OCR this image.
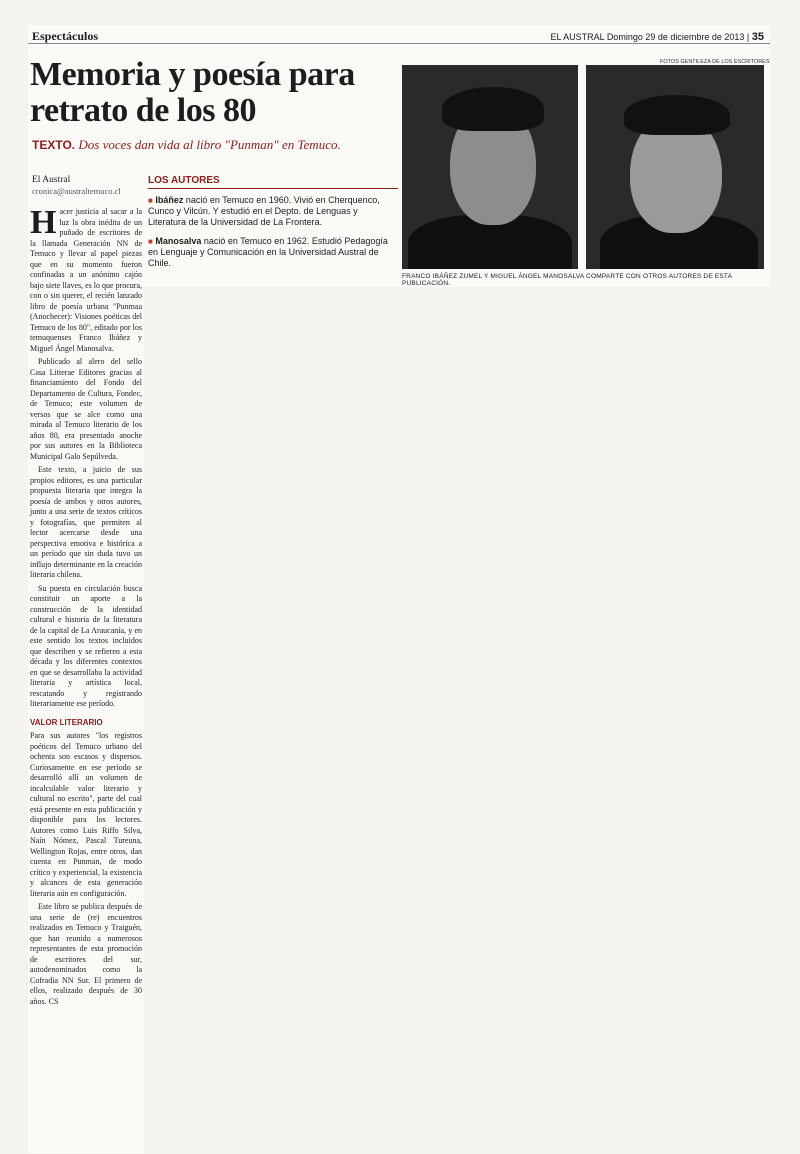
Espectáculos	EL AUSTRAL Domingo 29 de diciembre de 2013 | 35
Memoria y poesía para retrato de los 80
TEXTO. Dos voces dan vida al libro "Punman" en Temuco.
El Austral
cronica@australtemuco.cl
LOS AUTORES

■ Ibáñez nació en Temuco en 1960. Vivió en Cherquenco, Cunco y Vilcún. Y estudió en el Depto. de Lenguas y Literatura de la Universidad de La Frontera.

■ Manosalva nació en Temuco en 1962. Estudió Pedagogía en Lenguaje y Comunicación en la Universidad Austral de Chile.

FOTOS GENTILEZA DE LOS ESCRITORES
FRANCO IBÁÑEZ ZUMEL Y MIGUEL ÁNGEL MANOSALVA COMPARTE CON OTROS AUTORES DE ESTA PUBLICACIÓN.

Hacer justicia al sacar a la luz la obra inédita de un puñado de escritores de la llamada Generación NN de Temuco y llevar al papel piezas que en su momento fueron confinadas a un anónimo cajón bajo siete llaves, es lo que procura, con o sin querer, el recién lanzado libro de poesía urbana "Punmaa (Anochecer): Visiones poéticas del Temuco de los 80", editado por los temuquenses Franco Ibáñez y Miguel Ángel Manosalva.

Publicado al alero del sello Casa Litterae Editores gracias al financiamiento del Fondo del Departamento de Cultura, Fondec, de Temuco; este volumen de versos que se alce como una mirada al Temuco literario de los años 80, era presentado anoche por sus autores en la Biblioteca Municipal Galo Sepúlveda.

Este texto, a juicio de sus propios editores, es una particular propuesta literaria que integra la poesía de ambos y otros autores, junto a una serie de textos críticos y fotografías, que permiten al lector acercarse desde una perspectiva emotiva e histórica a un período que sin duda tuvo un influjo determinante en la creación literaria chilena.

Su puesta en circulación busca constituir un aporte a la construcción de la identidad cultural e historia de la literatura de la capital de La Araucanía, y en este sentido los textos incluidos que describen y se refieren a esta década y los diferentes contextos en que se desarrollaba la actividad literaria y artística local, rescatando y registrando literariamente ese período.

VALOR LITERARIO

Para sus autores "los registros poéticos del Temuco urbano del ochenta son escasos y dispersos. Curiosamente en ese período se desarrolló allí un volumen de incalculable valor literario y cultural no escrito", parte del cual está presente en esta publicación y disponible para los lectores. Autores como Luis Riffo Silva, Naín Nómez, Pascal Tureuna, Wellington Rojas, entre otros, dan cuenta en Punman, de modo crítico y experiencial, la existencia y alcances de esta generación literaria aún en configuración.

Este libro se publica después de una serie de (re) encuentros realizados en Temuco y Traiguén, que han reunido a numerosos representantes de esta promoción de escritores del sur, autodenominados como la Cofradía NN Sur. El primero de ellos, realizado después de 30 años. CS
